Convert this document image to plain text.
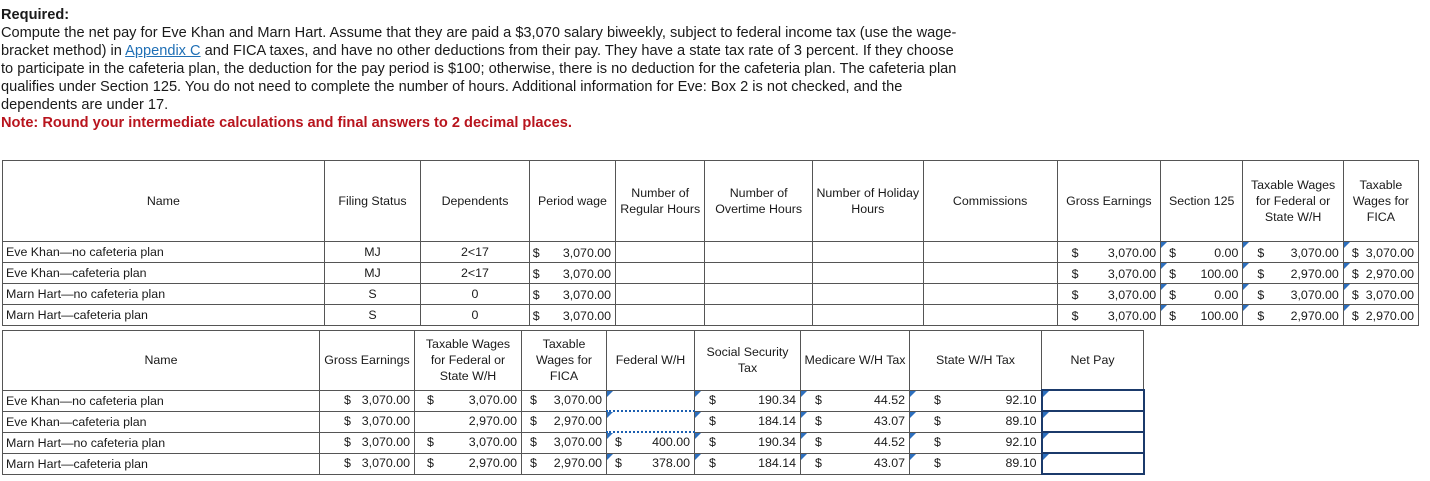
Required:

Compute the net pay for Eve Khan and Marn Hart. Assume that they are paid a $3,070 salary biweekly, subject to federal income tax (use the wage-bracket method) in Appendix C and FICA taxes, and have no other deductions from their pay. They have a state tax rate of 3 percent. If they choose to participate in the cafeteria plan, the deduction for the pay period is $100; otherwise, there is no deduction for the cafeteria plan. The cafeteria plan qualifies under Section 125. You do not need to complete the number of hours. Additional information for Eve: Box 2 is not checked, and the dependents are under 17.

Note: Round your intermediate calculations and final answers to 2 decimal places.

Name	Filing Status	Dependents	Period wage	Number of Regular Hours	Number of Overtime Hours	Number of Holiday Hours	Commissions	Gross Earnings	Section 125	Taxable Wages for Federal or State W/H	Taxable Wages for FICA
Eve Khan—no cafeteria plan	MJ	2<17	$ 3,070.00					$ 3,070.00	$ 0.00	$ 3,070.00	$ 3,070.00

Eve Khan—cafeteria plan	MJ	2<17	$ 3,070.00					$ 3,070.00	$ 100.00	$ 2,970.00	$ 2,970.00

Marn Hart—no cafeteria plan	S	0	$ 3,070.00					$ 3,070.00	$ 0.00	$ 3,070.00	$ 3,070.00

Marn Hart—cafeteria plan	S	0	$ 3,070.00					$ 3,070.00	$ 100.00	$ 2,970.00	$ 2,970.00
Name	Gross Earnings	Taxable Wages for Federal or State W/H	Taxable Wages for FICA	Federal W/H	Social Security Tax	Medicare W/H Tax	State W/H Tax	Net Pay
Eve Khan—no cafeteria plan	$ 3,070.00	$ 3,070.00	$ 3,070.00		$ 190.34	$ 44.52	$ 92.10	

Eve Khan—cafeteria plan	$ 3,070.00	2,970.00	$ 2,970.00		$ 184.14	$ 43.07	$ 89.10	

Marn Hart—no cafeteria plan	$ 3,070.00	$ 3,070.00	$ 3,070.00	$ 400.00	$ 190.34	$ 44.52	$ 92.10	

Marn Hart—cafeteria plan	$ 3,070.00	$ 2,970.00	$ 2,970.00	$ 378.00	$ 184.14	$ 43.07	$ 89.10	
